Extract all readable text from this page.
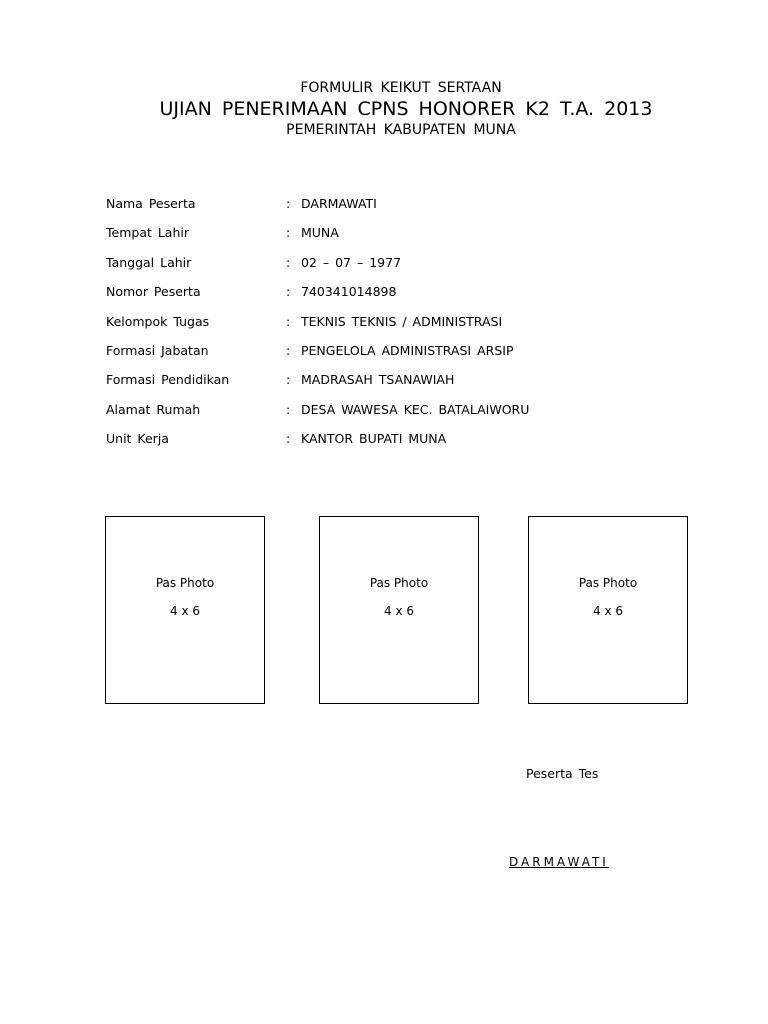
FORMULIR KEIKUT SERTAAN
UJIAN PENERIMAAN CPNS HONORER K2 T.A. 2013
PEMERINTAH KABUPATEN MUNA
Nama Peserta	: DARMAWATI
Tempat Lahir	: MUNA
Tanggal Lahir	: 02 – 07 – 1977
Nomor Peserta	: 740341014898
Kelompok Tugas	: TEKNIS TEKNIS / ADMINISTRASI
Formasi Jabatan	: PENGELOLA ADMINISTRASI ARSIP
Formasi Pendidikan	: MADRASAH TSANAWIAH
Alamat Rumah	: DESA WAWESA KEC. BATALAIWORU
Unit Kerja	: KANTOR BUPATI MUNA
Pas Photo
4 x 6
Pas Photo
4 x 6
Pas Photo
4 x 6
Peserta Tes
DARMAWATI
